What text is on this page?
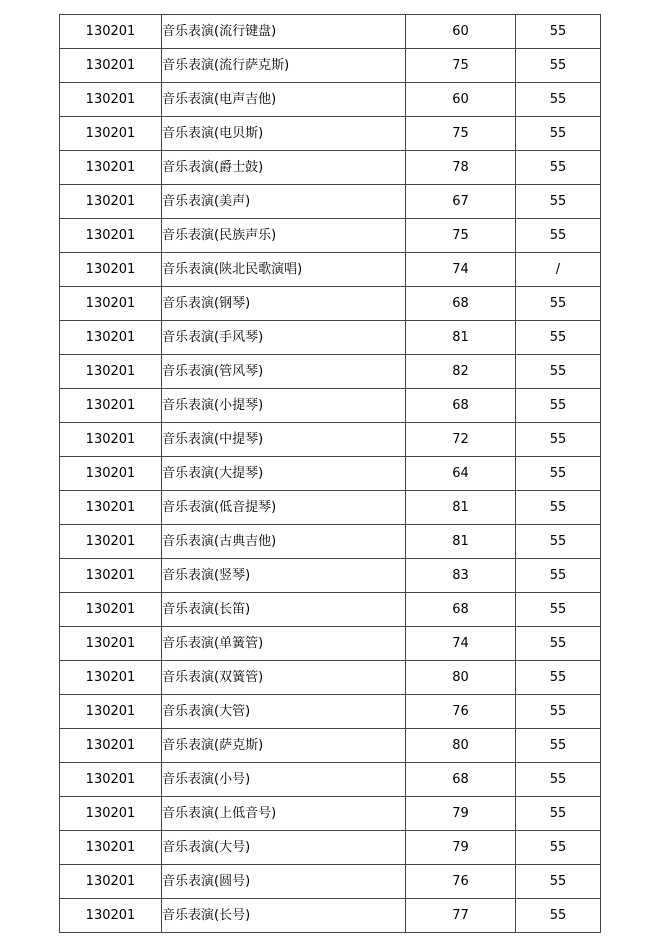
130201	音乐表演(流行键盘)	60	55
130201	音乐表演(流行萨克斯)	75	55
130201	音乐表演(电声吉他)	60	55
130201	音乐表演(电贝斯)	75	55
130201	音乐表演(爵士鼓)	78	55
130201	音乐表演(美声)	67	55
130201	音乐表演(民族声乐)	75	55
130201	音乐表演(陕北民歌演唱)	74	/
130201	音乐表演(钢琴)	68	55
130201	音乐表演(手风琴)	81	55
130201	音乐表演(管风琴)	82	55
130201	音乐表演(小提琴)	68	55
130201	音乐表演(中提琴)	72	55
130201	音乐表演(大提琴)	64	55
130201	音乐表演(低音提琴)	81	55
130201	音乐表演(古典吉他)	81	55
130201	音乐表演(竖琴)	83	55
130201	音乐表演(长笛)	68	55
130201	音乐表演(单簧管)	74	55
130201	音乐表演(双簧管)	80	55
130201	音乐表演(大管)	76	55
130201	音乐表演(萨克斯)	80	55
130201	音乐表演(小号)	68	55
130201	音乐表演(上低音号)	79	55
130201	音乐表演(大号)	79	55
130201	音乐表演(圆号)	76	55
130201	音乐表演(长号)	77	55
